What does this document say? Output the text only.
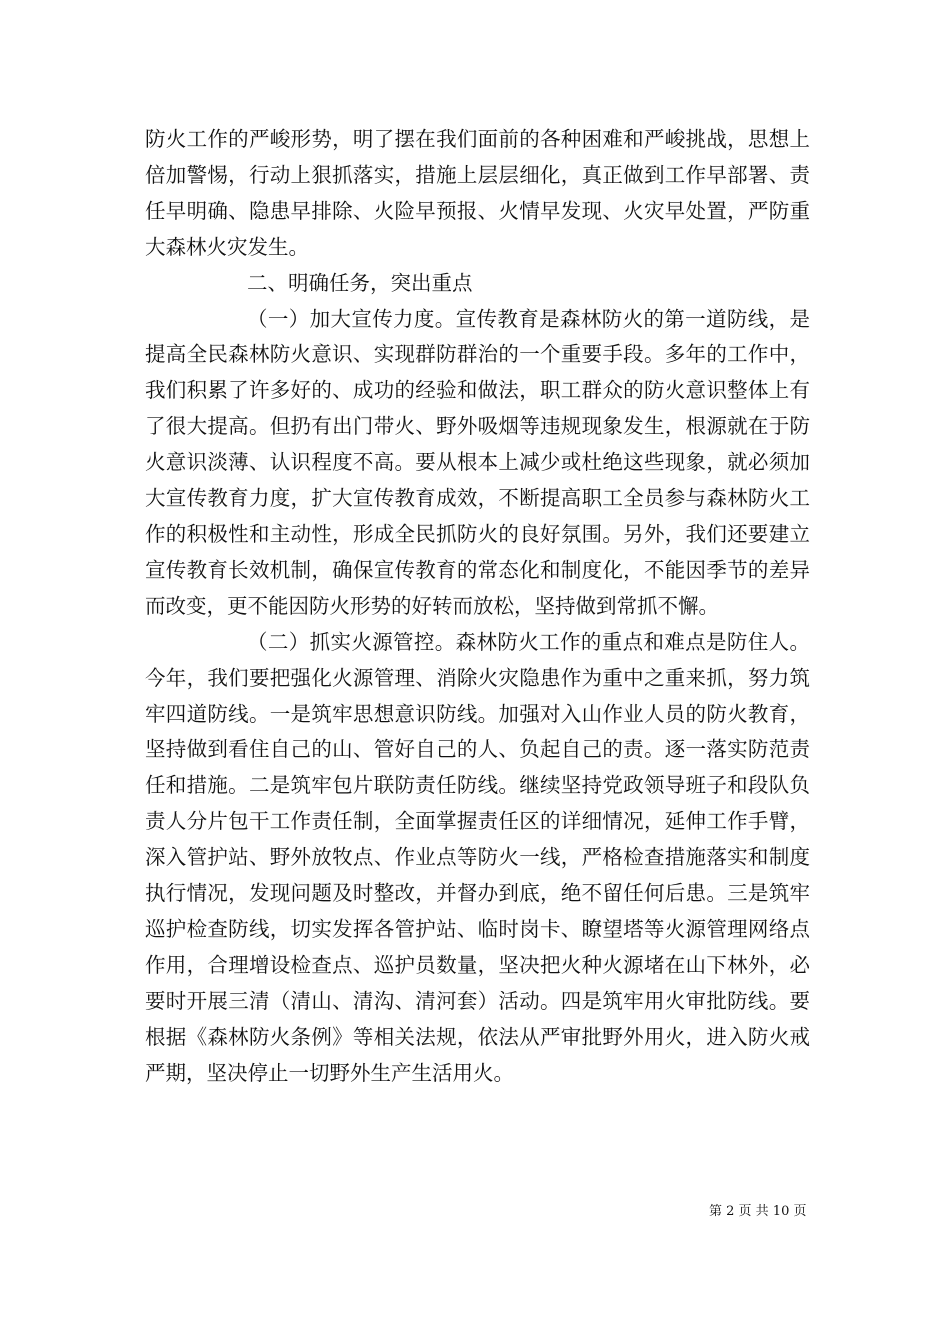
防火工作的严峻形势，明了摆在我们面前的各种困难和严峻挑战，思想上倍加警惕，行动上狠抓落实，措施上层层细化，真正做到工作早部署、责任早明确、隐患早排除、火险早预报、火情早发现、火灾早处置，严防重大森林火灾发生。

二、明确任务，突出重点

（一）加大宣传力度。宣传教育是森林防火的第一道防线，是提高全民森林防火意识、实现群防群治的一个重要手段。多年的工作中，我们积累了许多好的、成功的经验和做法，职工群众的防火意识整体上有了很大提高。但扔有出门带火、野外吸烟等违规现象发生，根源就在于防火意识淡薄、认识程度不高。要从根本上减少或杜绝这些现象，就必须加大宣传教育力度，扩大宣传教育成效，不断提高职工全员参与森林防火工作的积极性和主动性，形成全民抓防火的良好氛围。另外，我们还要建立宣传教育长效机制，确保宣传教育的常态化和制度化，不能因季节的差异而改变，更不能因防火形势的好转而放松，坚持做到常抓不懈。

（二）抓实火源管控。森林防火工作的重点和难点是防住人。今年，我们要把强化火源管理、消除火灾隐患作为重中之重来抓，努力筑牢四道防线。一是筑牢思想意识防线。加强对入山作业人员的防火教育，坚持做到看住自己的山、管好自己的人、负起自己的责。逐一落实防范责任和措施。二是筑牢包片联防责任防线。继续坚持党政领导班子和段队负责人分片包干工作责任制，全面掌握责任区的详细情况，延伸工作手臂，深入管护站、野外放牧点、作业点等防火一线，严格检查措施落实和制度执行情况，发现问题及时整改，并督办到底，绝不留任何后患。三是筑牢巡护检查防线，切实发挥各管护站、临时岗卡、瞭望塔等火源管理网络点作用，合理增设检查点、巡护员数量，坚决把火种火源堵在山下林外，必要时开展三清（清山、清沟、清河套）活动。四是筑牢用火审批防线。要根据《森林防火条例》等相关法规，依法从严审批野外用火，进入防火戒严期，坚决停止一切野外生产生活用火。

第 2 页 共 10 页
